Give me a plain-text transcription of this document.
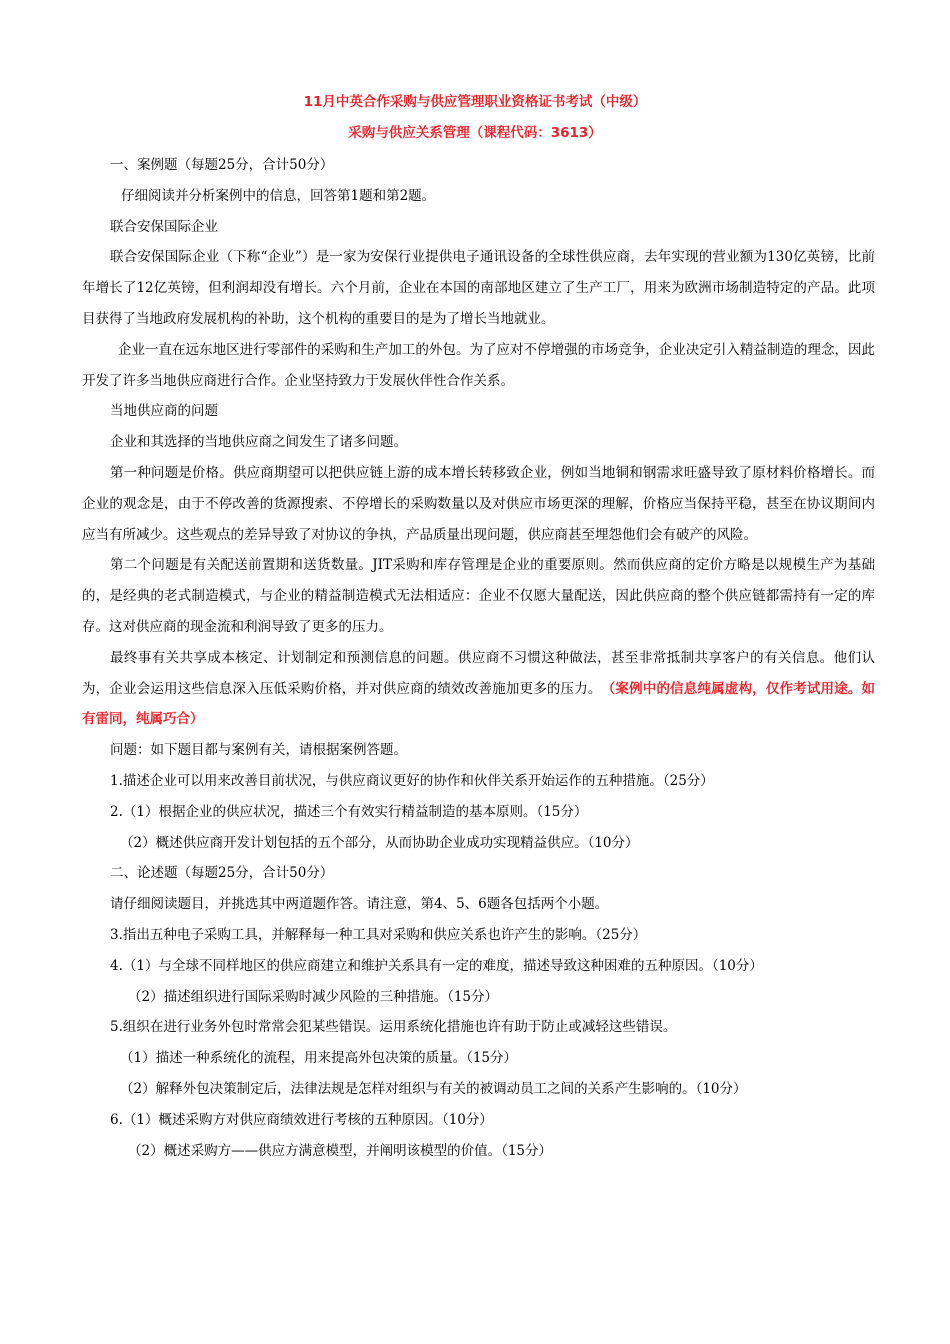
11月中英合作采购与供应管理职业资格证书考试（中级）
采购与供应关系管理（课程代码：3613）

一、案例题（每题25分，合计50分）

仔细阅读并分析案例中的信息，回答第1题和第2题。

联合安保国际企业

联合安保国际企业（下称“企业”）是一家为安保行业提供电子通讯设备的全球性供应商，去年实现的营业额为130亿英镑，比前年增长了12亿英镑，但利润却没有增长。六个月前，企业在本国的南部地区建立了生产工厂，用来为欧洲市场制造特定的产品。此项目获得了当地政府发展机构的补助，这个机构的重要目的是为了增长当地就业。

企业一直在远东地区进行零部件的采购和生产加工的外包。为了应对不停增强的市场竞争，企业决定引入精益制造的理念，因此开发了许多当地供应商进行合作。企业坚持致力于发展伙伴性合作关系。

当地供应商的问题

企业和其选择的当地供应商之间发生了诸多问题。

第一种问题是价格。供应商期望可以把供应链上游的成本增长转移致企业，例如当地铜和钢需求旺盛导致了原材料价格增长。而企业的观念是，由于不停改善的货源搜索、不停增长的采购数量以及对供应市场更深的理解，价格应当保持平稳，甚至在协议期间内应当有所减少。这些观点的差异导致了对协议的争执，产品质量出现问题，供应商甚至埋怨他们会有破产的风险。

第二个问题是有关配送前置期和送货数量。JIT采购和库存管理是企业的重要原则。然而供应商的定价方略是以规模生产为基础的，是经典的老式制造模式，与企业的精益制造模式无法相适应：企业不仅愿大量配送，因此供应商的整个供应链都需持有一定的库存。这对供应商的现金流和利润导致了更多的压力。

最终事有关共享成本核定、计划制定和预测信息的问题。供应商不习惯这种做法，甚至非常抵制共享客户的有关信息。他们认为，企业会运用这些信息深入压低采购价格，并对供应商的绩效改善施加更多的压力。　 （案例中的信息纯属虚构，仅作考试用途。如有雷同，纯属巧合）

问题：如下题目都与案例有关，请根据案例答题。

1.描述企业可以用来改善目前状况，与供应商议更好的协作和伙伴关系开始运作的五种措施。（25分）

2.（1）根据企业的供应状况，描述三个有效实行精益制造的基本原则。（15分）

（2）概述供应商开发计划包括的五个部分，从而协助企业成功实现精益供应。（10分）

二、论述题（每题25分，合计50分）

请仔细阅读题目，并挑选其中两道题作答。请注意，第4、5、6题各包括两个小题。

3.指出五种电子采购工具，并解释每一种工具对采购和供应关系也许产生的影响。（25分）

4.（1）与全球不同样地区的供应商建立和维护关系具有一定的难度，描述导致这种困难的五种原因。（10分）

（2）描述组织进行国际采购时减少风险的三种措施。（15分）

5.组织在进行业务外包时常常会犯某些错误。运用系统化措施也许有助于防止或减轻这些错误。

（1）描述一种系统化的流程，用来提高外包决策的质量。（15分）

（2）解释外包决策制定后，法律法规是怎样对组织与有关的被调动员工之间的关系产生影响的。（10分）

6.（1）概述采购方对供应商绩效进行考核的五种原因。（10分）

（2）概述采购方——供应方满意模型，并阐明该模型的价值。（15分）
